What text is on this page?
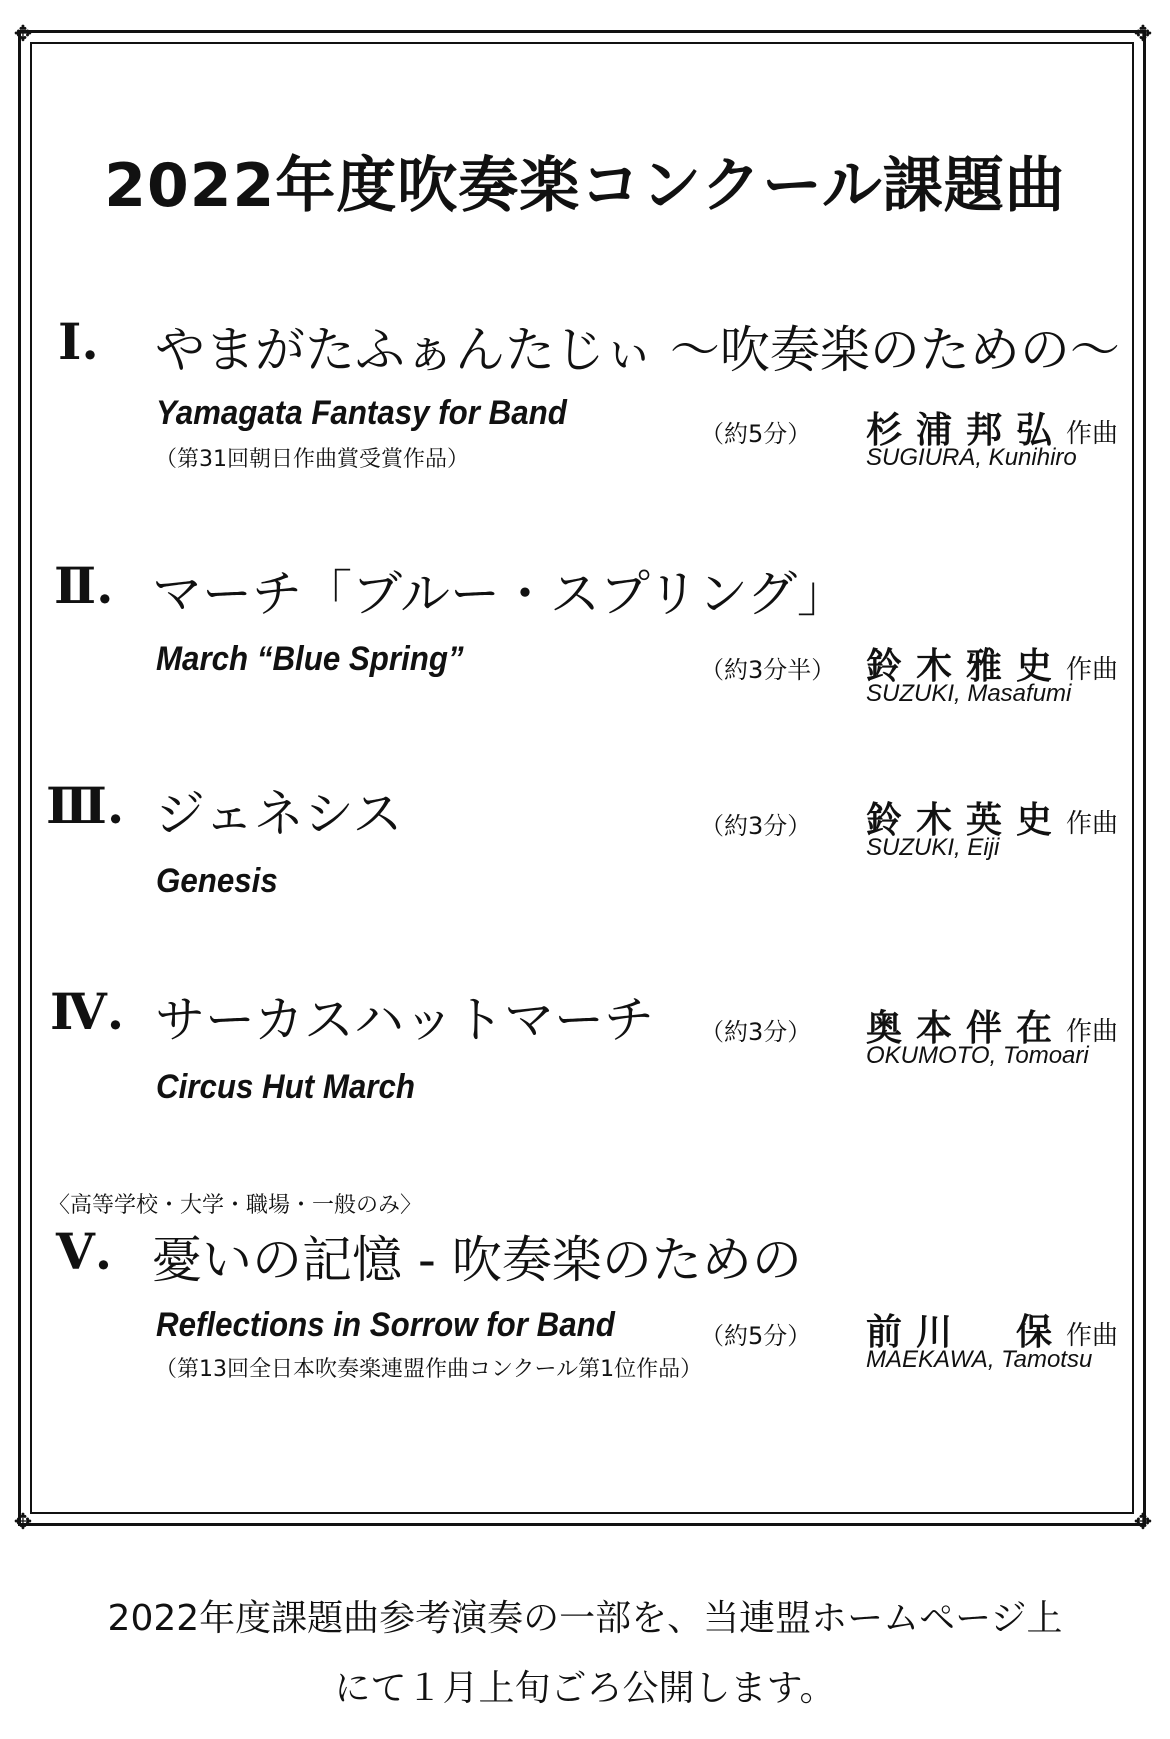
✥	✥
✥	✥
2022年度吹奏楽コンクール課題曲
Ⅰ. やまがたふぁんたじぃ ～吹奏楽のための～
Yamagata Fantasy for Band
（第31回朝日作曲賞受賞作品）
（約5分） 杉浦邦弘作曲
SUGIURA, Kunihiro
Ⅱ. マーチ「ブルー・スプリング」
March “Blue Spring”	（約3分半） 鈴木雅史作曲
SUZUKI, Masafumi
Ⅲ. ジェネシス
Genesis
（約3分） 鈴木英史作曲
SUZUKI, Eiji
Ⅳ. サーカスハットマーチ
Circus Hut March
（約3分） 奥本伴在作曲
OKUMOTO, Tomoari
〈高等学校・大学・職場・一般のみ〉
Ⅴ. 憂いの記憶 - 吹奏楽のための
Reflections in Sorrow for Band
（第13回全日本吹奏楽連盟作曲コンクール第1位作品）
（約5分） 前川　保作曲
MAEKAWA, Tamotsu
2022年度課題曲参考演奏の一部を、当連盟ホームページ上
にて１月上旬ごろ公開します。
